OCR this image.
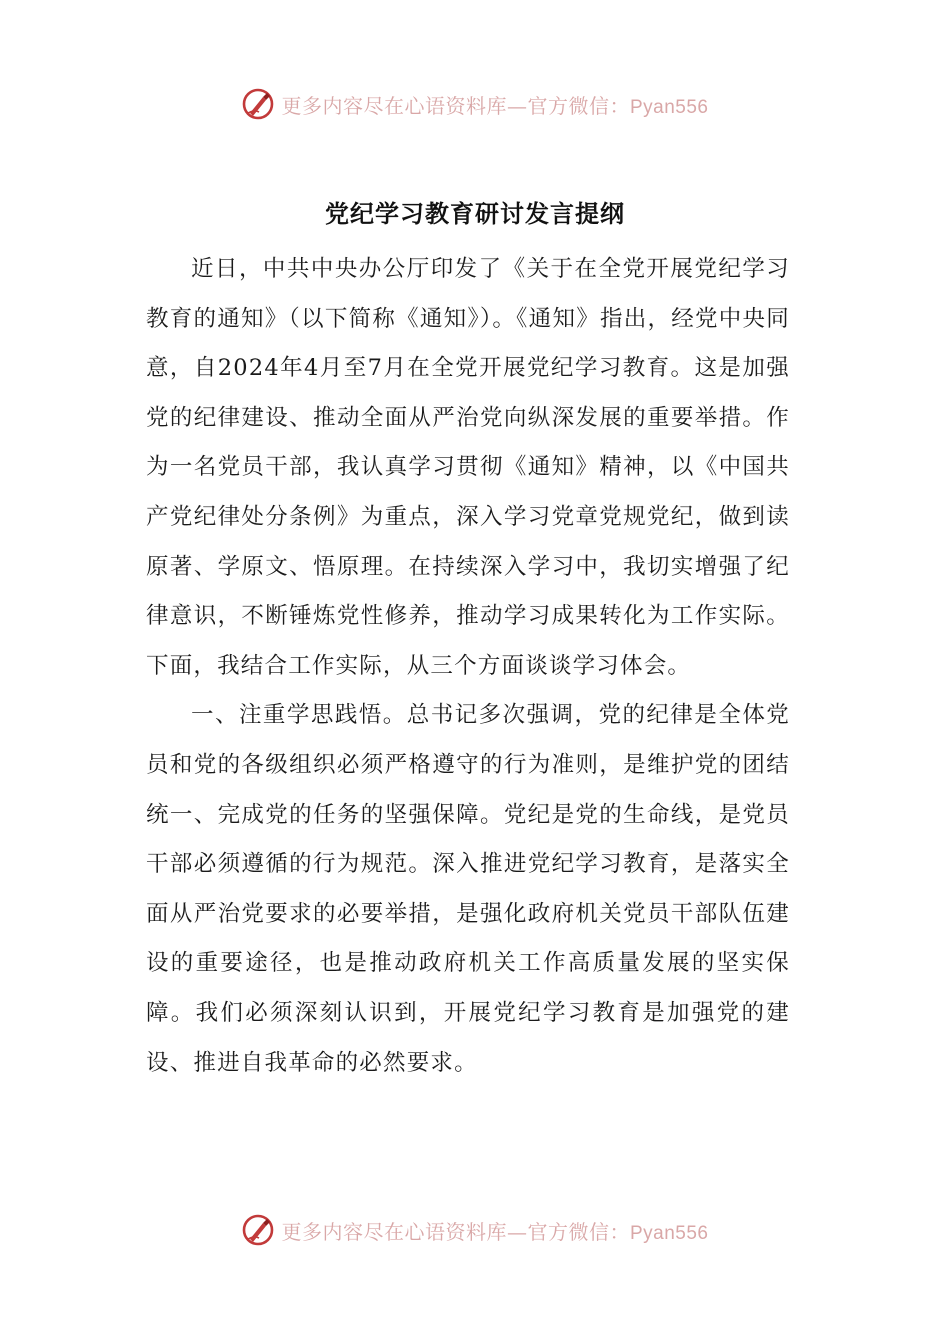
更多内容尽在心语资料库—官方微信：Pyan556
党纪学习教育研讨发言提纲

近日，中共中央办公厅印发了《关于在全党开展党纪学习教育的通知》（以下简称《通知》）。《通知》指出，经党中央同意，自2024年4月至7月在全党开展党纪学习教育。这是加强党的纪律建设、推动全面从严治党向纵深发展的重要举措。作为一名党员干部，我认真学习贯彻《通知》精神，以《中国共产党纪律处分条例》为重点，深入学习党章党规党纪，做到读原著、学原文、悟原理。在持续深入学习中，我切实增强了纪律意识，不断锤炼党性修养，推动学习成果转化为工作实际。下面，我结合工作实际，从三个方面谈谈学习体会。

一、注重学思践悟。总书记多次强调，党的纪律是全体党员和党的各级组织必须严格遵守的行为准则，是维护党的团结统一、完成党的任务的坚强保障。党纪是党的生命线，是党员干部必须遵循的行为规范。深入推进党纪学习教育，是落实全面从严治党要求的必要举措，是强化政府机关党员干部队伍建设的重要途径，也是推动政府机关工作高质量发展的坚实保障。我们必须深刻认识到，开展党纪学习教育是加强党的建设、推进自我革命的必然要求。

更多内容尽在心语资料库—官方微信：Pyan556
